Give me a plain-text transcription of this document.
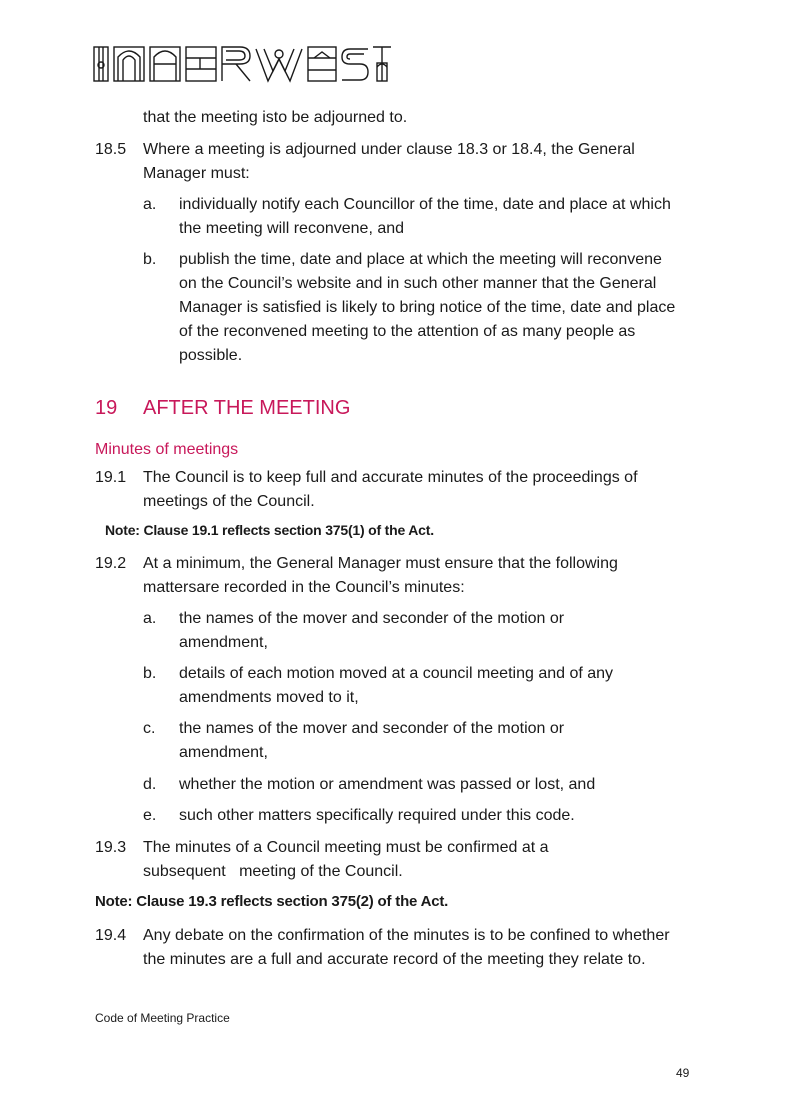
that the meeting isto be adjourned to.
18.5 Where a meeting is adjourned under clause 18.3 or 18.4, the General Manager must:
a. individually notify each Councillor of the time, date and place at which the meeting will reconvene, and
b. publish the time, date and place at which the meeting will reconvene on the Council’s website and in such other manner that the General Manager is satisfied is likely to bring notice of the time, date and place of the reconvened meeting to the attention of as many people as possible.
19 AFTER THE MEETING
Minutes of meetings
19.1 The Council is to keep full and accurate minutes of the proceedings of meetings of the Council.
Note: Clause 19.1 reflects section 375(1) of the Act.
19.2 At a minimum, the General Manager must ensure that the following mattersare recorded in the Council’s minutes:
a. the names of the mover and seconder of the motion or amendment,
b. details of each motion moved at a council meeting and of any amendments moved to it,
c. the names of the mover and seconder of the motion or amendment,
d. whether the motion or amendment was passed or lost, and
e. such other matters specifically required under this code.
19.3 The minutes of a Council meeting must be confirmed at a subsequent   meeting of the Council.
Note: Clause 19.3 reflects section 375(2) of the Act.
19.4 Any debate on the confirmation of the minutes is to be confined to whether the minutes are a full and accurate record of the meeting they relate to.
Code of Meeting Practice
49
